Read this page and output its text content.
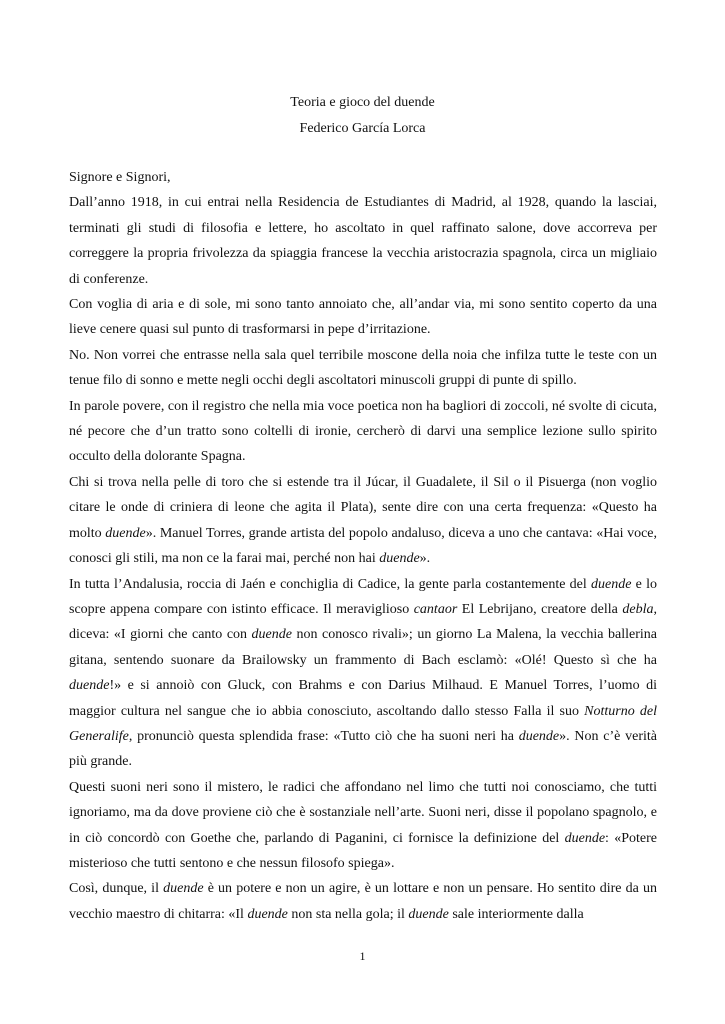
Teoria e gioco del duende
Federico García Lorca

Signore e Signori,

Dall’anno 1918, in cui entrai nella Residencia de Estudiantes di Madrid, al 1928, quando la lasciai, terminati gli studi di filosofia e lettere, ho ascoltato in quel raffinato salone, dove accorreva per correggere la propria frivolezza da spiaggia francese la vecchia aristocrazia spagnola, circa un migliaio di conferenze.

Con voglia di aria e di sole, mi sono tanto annoiato che, all’andar via, mi sono sentito coperto da una lieve cenere quasi sul punto di trasformarsi in pepe d’irritazione.

No. Non vorrei che entrasse nella sala quel terribile moscone della noia che infilza tutte le teste con un tenue filo di sonno e mette negli occhi degli ascoltatori minuscoli gruppi di punte di spillo.

In parole povere, con il registro che nella mia voce poetica non ha bagliori di zoccoli, né svolte di cicuta, né pecore che d’un tratto sono coltelli di ironie, cercherò di darvi una semplice lezione sullo spirito occulto della dolorante Spagna.

Chi si trova nella pelle di toro che si estende tra il Júcar, il Guadalete, il Sil o il Pisuerga (non voglio citare le onde di criniera di leone che agita il Plata), sente dire con una certa frequenza: «Questo ha molto duende». Manuel Torres, grande artista del popolo andaluso, diceva a uno che cantava: «Hai voce, conosci gli stili, ma non ce la farai mai, perché non hai duende».

In tutta l’Andalusia, roccia di Jaén e conchiglia di Cadice, la gente parla costantemente del duende e lo scopre appena compare con istinto efficace. Il meraviglioso cantaor El Lebrijano, creatore della debla, diceva: «I giorni che canto con duende non conosco rivali»; un giorno La Malena, la vecchia ballerina gitana, sentendo suonare da Brailowsky un frammento di Bach esclamò: «Olé! Questo sì che ha duende!» e si annoiò con Gluck, con Brahms e con Darius Milhaud. E Manuel Torres, l’uomo di maggior cultura nel sangue che io abbia conosciuto, ascoltando dallo stesso Falla il suo Notturno del Generalife, pronunciò questa splendida frase: «Tutto ciò che ha suoni neri ha duende». Non c’è verità più grande.

Questi suoni neri sono il mistero, le radici che affondano nel limo che tutti noi conosciamo, che tutti ignoriamo, ma da dove proviene ciò che è sostanziale nell’arte. Suoni neri, disse il popolano spagnolo, e in ciò concordò con Goethe che, parlando di Paganini, ci fornisce la definizione del duende: «Potere misterioso che tutti sentono e che nessun filosofo spiega».

Così, dunque, il duende è un potere e non un agire, è un lottare e non un pensare. Ho sentito dire da un vecchio maestro di chitarra: «Il duende non sta nella gola; il duende sale interiormente dalla

1
